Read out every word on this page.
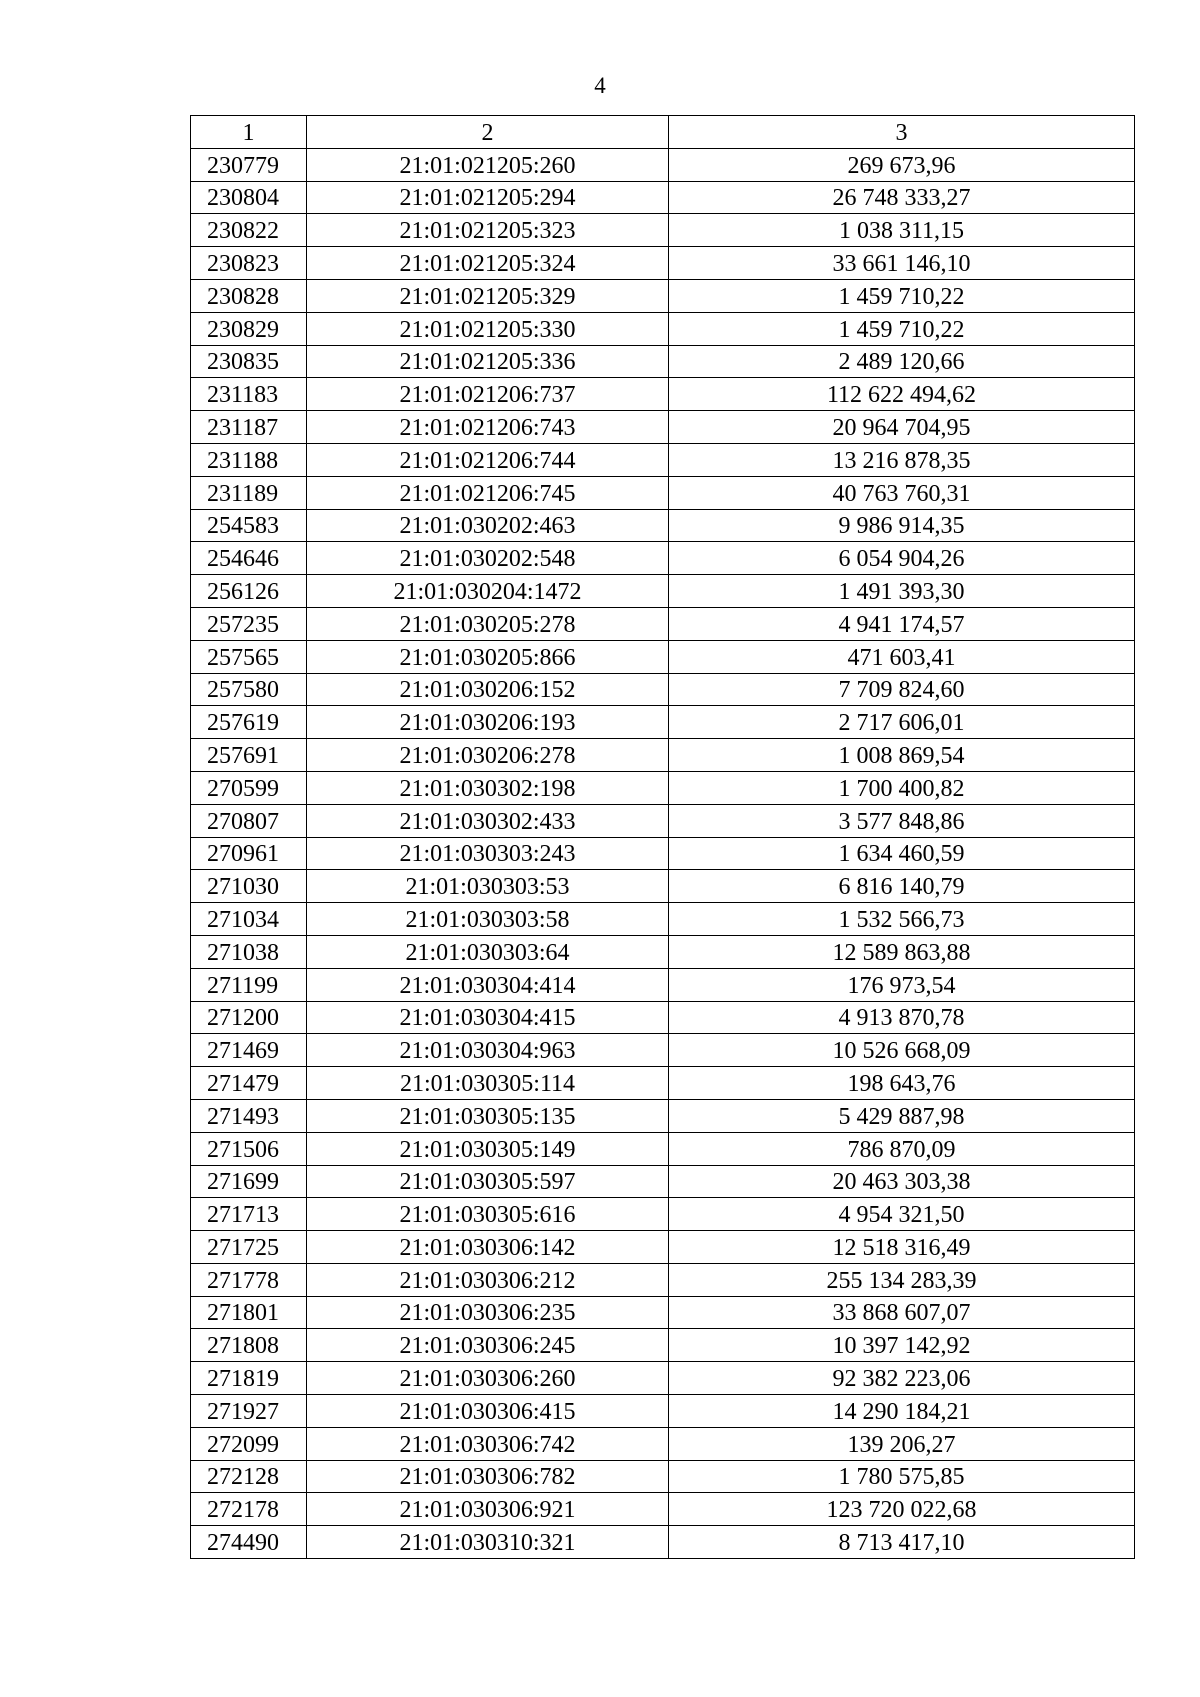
4
1	2	3
230779	21:01:021205:260	269 673,96
230804	21:01:021205:294	26 748 333,27
230822	21:01:021205:323	1 038 311,15
230823	21:01:021205:324	33 661 146,10
230828	21:01:021205:329	1 459 710,22
230829	21:01:021205:330	1 459 710,22
230835	21:01:021205:336	2 489 120,66
231183	21:01:021206:737	112 622 494,62
231187	21:01:021206:743	20 964 704,95
231188	21:01:021206:744	13 216 878,35
231189	21:01:021206:745	40 763 760,31
254583	21:01:030202:463	9 986 914,35
254646	21:01:030202:548	6 054 904,26
256126	21:01:030204:1472	1 491 393,30
257235	21:01:030205:278	4 941 174,57
257565	21:01:030205:866	471 603,41
257580	21:01:030206:152	7 709 824,60
257619	21:01:030206:193	2 717 606,01
257691	21:01:030206:278	1 008 869,54
270599	21:01:030302:198	1 700 400,82
270807	21:01:030302:433	3 577 848,86
270961	21:01:030303:243	1 634 460,59
271030	21:01:030303:53	6 816 140,79
271034	21:01:030303:58	1 532 566,73
271038	21:01:030303:64	12 589 863,88
271199	21:01:030304:414	176 973,54
271200	21:01:030304:415	4 913 870,78
271469	21:01:030304:963	10 526 668,09
271479	21:01:030305:114	198 643,76
271493	21:01:030305:135	5 429 887,98
271506	21:01:030305:149	786 870,09
271699	21:01:030305:597	20 463 303,38
271713	21:01:030305:616	4 954 321,50
271725	21:01:030306:142	12 518 316,49
271778	21:01:030306:212	255 134 283,39
271801	21:01:030306:235	33 868 607,07
271808	21:01:030306:245	10 397 142,92
271819	21:01:030306:260	92 382 223,06
271927	21:01:030306:415	14 290 184,21
272099	21:01:030306:742	139 206,27
272128	21:01:030306:782	1 780 575,85
272178	21:01:030306:921	123 720 022,68
274490	21:01:030310:321	8 713 417,10
